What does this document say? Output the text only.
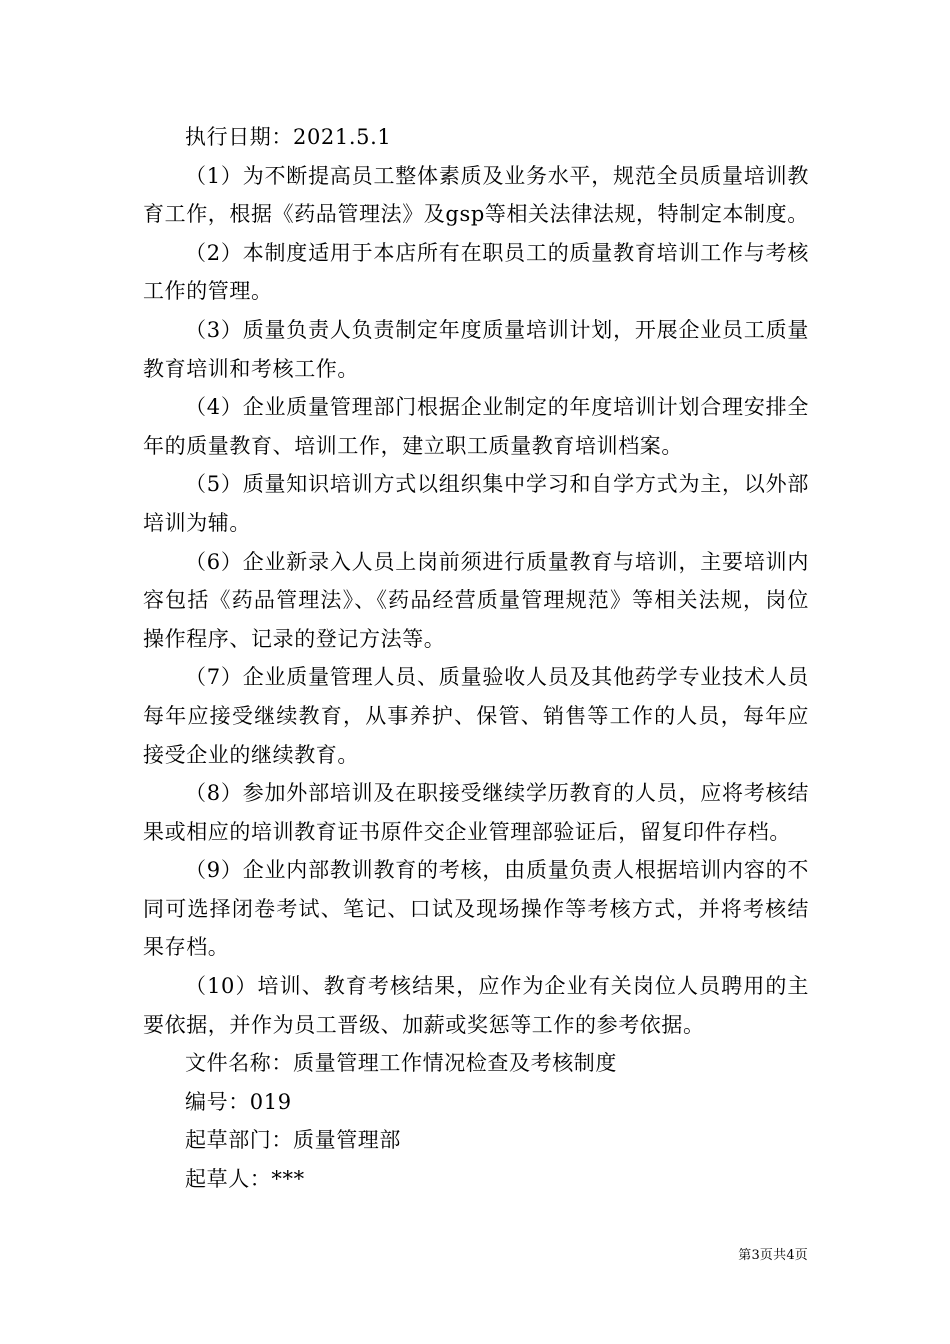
执行日期：2021.5.1

（1）为不断提高员工整体素质及业务水平，规范全员质量培训教育工作，根据《药品管理法》及gsp等相关法律法规，特制定本制度。

（2）本制度适用于本店所有在职员工的质量教育培训工作与考核工作的管理。

（3）质量负责人负责制定年度质量培训计划，开展企业员工质量教育培训和考核工作。

（4）企业质量管理部门根据企业制定的年度培训计划合理安排全年的质量教育、培训工作，建立职工质量教育培训档案。

（5）质量知识培训方式以组织集中学习和自学方式为主，以外部培训为辅。

（6）企业新录入人员上岗前须进行质量教育与培训，主要培训内容包括《药品管理法》、《药品经营质量管理规范》等相关法规，岗位操作程序、记录的登记方法等。

（7）企业质量管理人员、质量验收人员及其他药学专业技术人员每年应接受继续教育，从事养护、保管、销售等工作的人员，每年应接受企业的继续教育。

（8）参加外部培训及在职接受继续学历教育的人员，应将考核结果或相应的培训教育证书原件交企业管理部验证后，留复印件存档。

（9）企业内部教训教育的考核，由质量负责人根据培训内容的不同可选择闭卷考试、笔记、口试及现场操作等考核方式，并将考核结果存档。

（10）培训、教育考核结果，应作为企业有关岗位人员聘用的主要依据，并作为员工晋级、加薪或奖惩等工作的参考依据。

文件名称：质量管理工作情况检查及考核制度

编号：019

起草部门：质量管理部

起草人：***

第3页共4页
